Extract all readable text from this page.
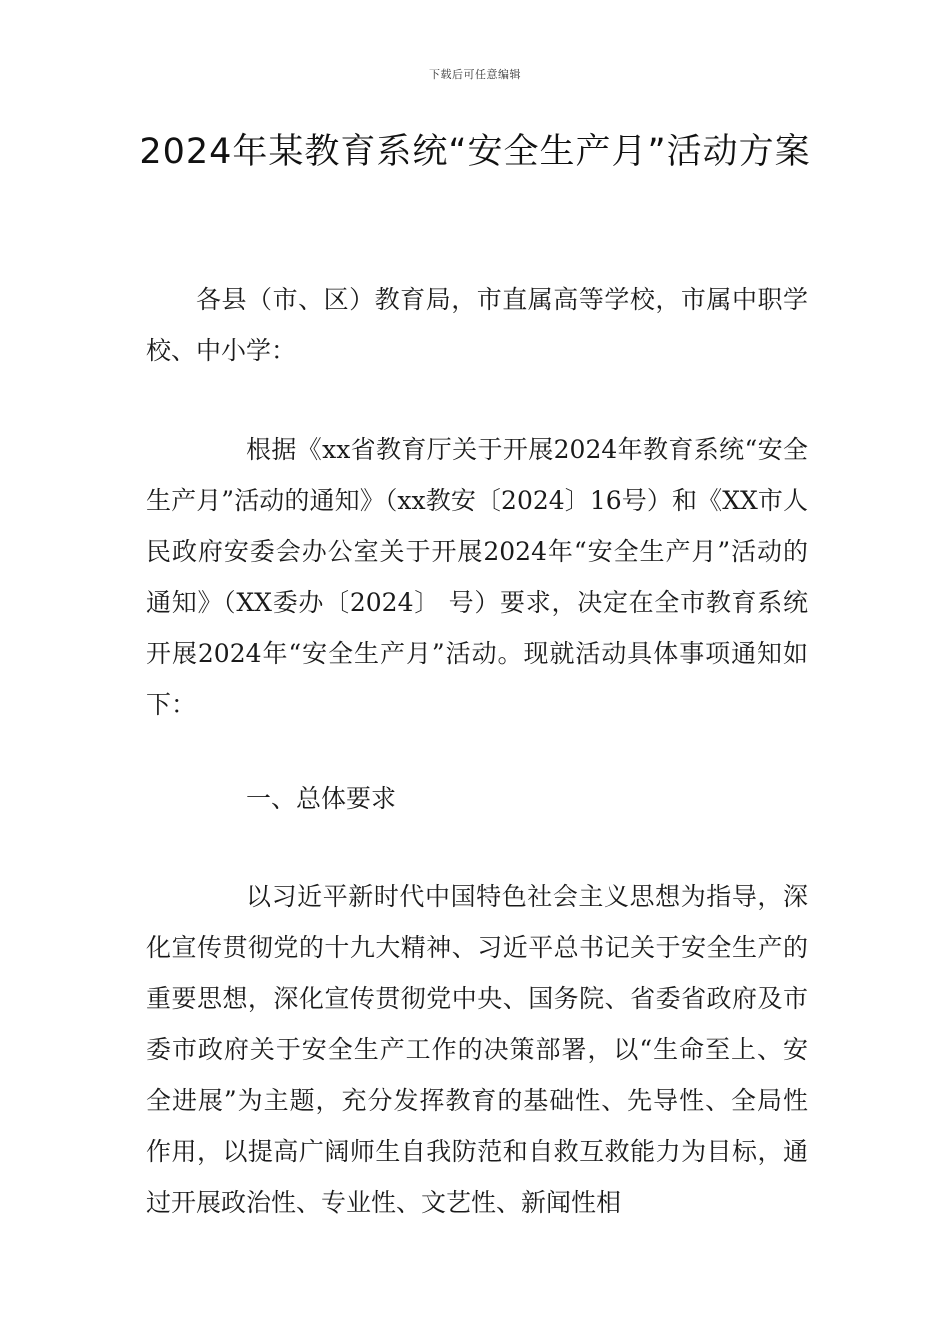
下载后可任意编辑
2024年某教育系统“安全生产月”活动方案
各县（市、区）教育局，市直属高等学校，市属中职学校、中小学：
根据《xx省教育厅关于开展2024年教育系统“安全生产月”活动的通知》（xx教安〔2024〕16号）和《XX市人民政府安委会办公室关于开展2024年“安全生产月”活动的通知》（XX委办〔2024〕 号）要求，决定在全市教育系统开展2024年“安全生产月”活动。现就活动具体事项通知如下：
一、总体要求
以习近平新时代中国特色社会主义思想为指导，深化宣传贯彻党的十九大精神、习近平总书记关于安全生产的重要思想，深化宣传贯彻党中央、国务院、省委省政府及市委市政府关于安全生产工作的决策部署，以“生命至上、安全进展”为主题，充分发挥教育的基础性、先导性、全局性作用，以提高广阔师生自我防范和自救互救能力为目标，通过开展政治性、专业性、文艺性、新闻性相
